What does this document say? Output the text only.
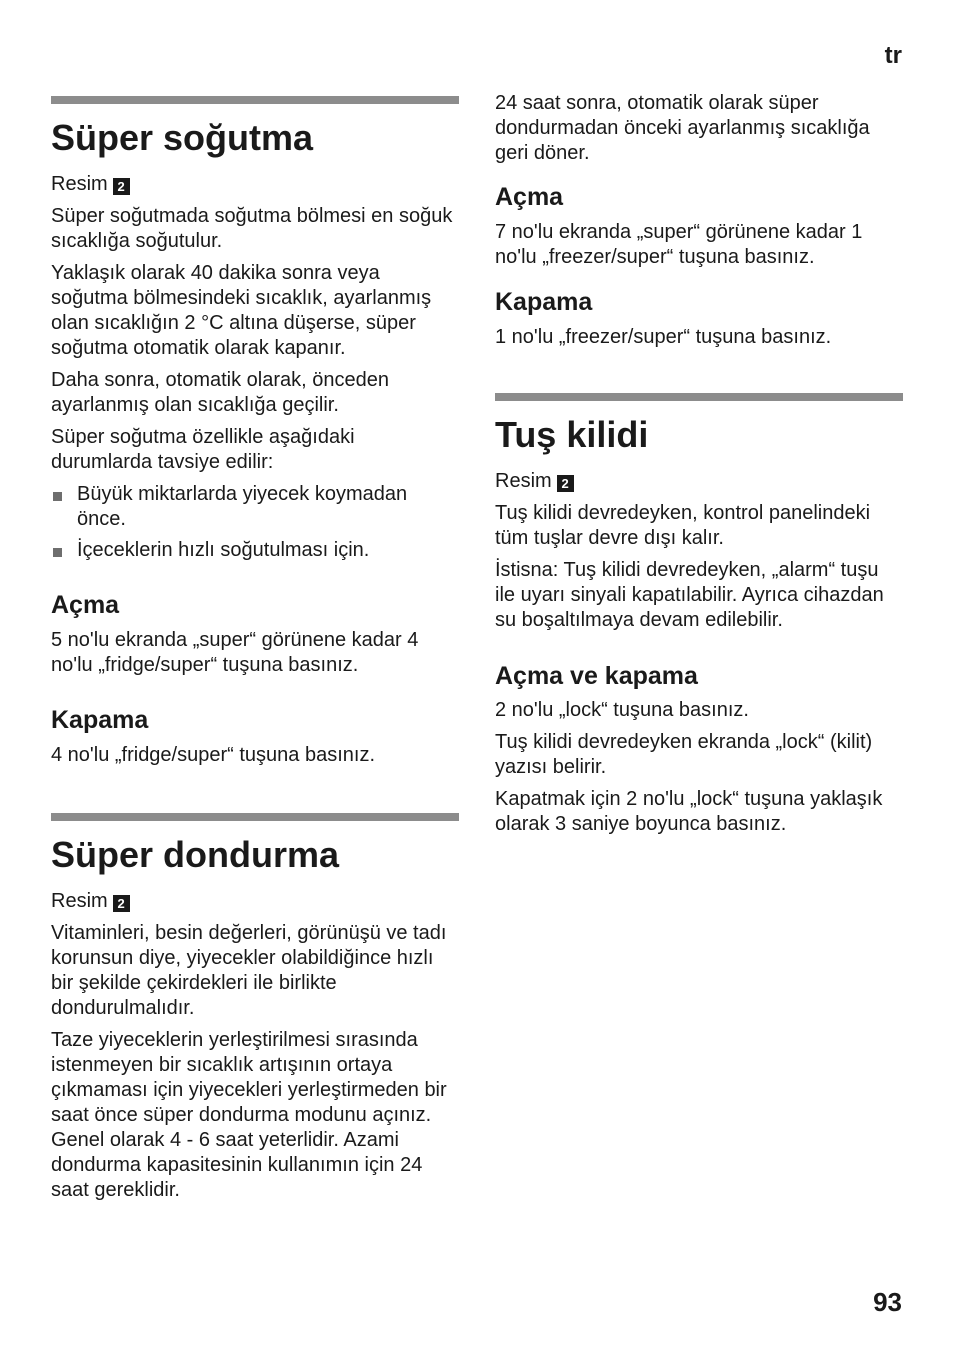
tr
Süper soğutma
Resim 2

Süper soğutmada soğutma bölmesi en soğuk sıcaklığa soğutulur.

Yaklaşık olarak 40 dakika sonra veya soğutma bölmesindeki sıcaklık, ayarlanmış olan sıcaklığın 2 °C altına düşerse, süper soğutma otomatik olarak kapanır.

Daha sonra, otomatik olarak, önceden ayarlanmış olan sıcaklığa geçilir.

Süper soğutma özellikle aşağıdaki durumlarda tavsiye edilir:

Büyük miktarlarda yiyecek koymadan önce.
İçeceklerin hızlı soğutulması için.
Açma

5 no'lu ekranda „super“ görünene kadar 4 no'lu „fridge/super“ tuşuna basınız.

Kapama

4 no'lu „fridge/super“ tuşuna basınız.

Süper dondurma
Resim 2

Vitaminleri, besin değerleri, görünüşü ve tadı korunsun diye, yiyecekler olabildiğince hızlı bir şekilde çekirdekleri ile birlikte dondurulmalıdır.

Taze yiyeceklerin yerleştirilmesi sırasında istenmeyen bir sıcaklık artışının ortaya çıkmaması için yiyecekleri yerleştirmeden bir saat önce süper dondurma modunu açınız. Genel olarak 4 - 6 saat yeterlidir. Azami dondurma kapasitesinin kullanımın için 24 saat gereklidir.

24 saat sonra, otomatik olarak süper dondurmadan önceki ayarlanmış sıcaklığa geri döner.

Açma

7 no'lu ekranda „super“ görünene kadar 1 no'lu „freezer/super“ tuşuna basınız.

Kapama

1 no'lu „freezer/super“ tuşuna basınız.

Tuş kilidi
Resim 2

Tuş kilidi devredeyken, kontrol panelindeki tüm tuşlar devre dışı kalır.

İstisna: Tuş kilidi devredeyken, „alarm“ tuşu ile uyarı sinyali kapatılabilir. Ayrıca cihazdan su boşaltılmaya devam edilebilir.

Açma ve kapama

2 no'lu „lock“ tuşuna basınız.

Tuş kilidi devredeyken ekranda „lock“ (kilit) yazısı belirir.

Kapatmak için 2 no'lu „lock“ tuşuna yaklaşık olarak 3 saniye boyunca basınız.

93
